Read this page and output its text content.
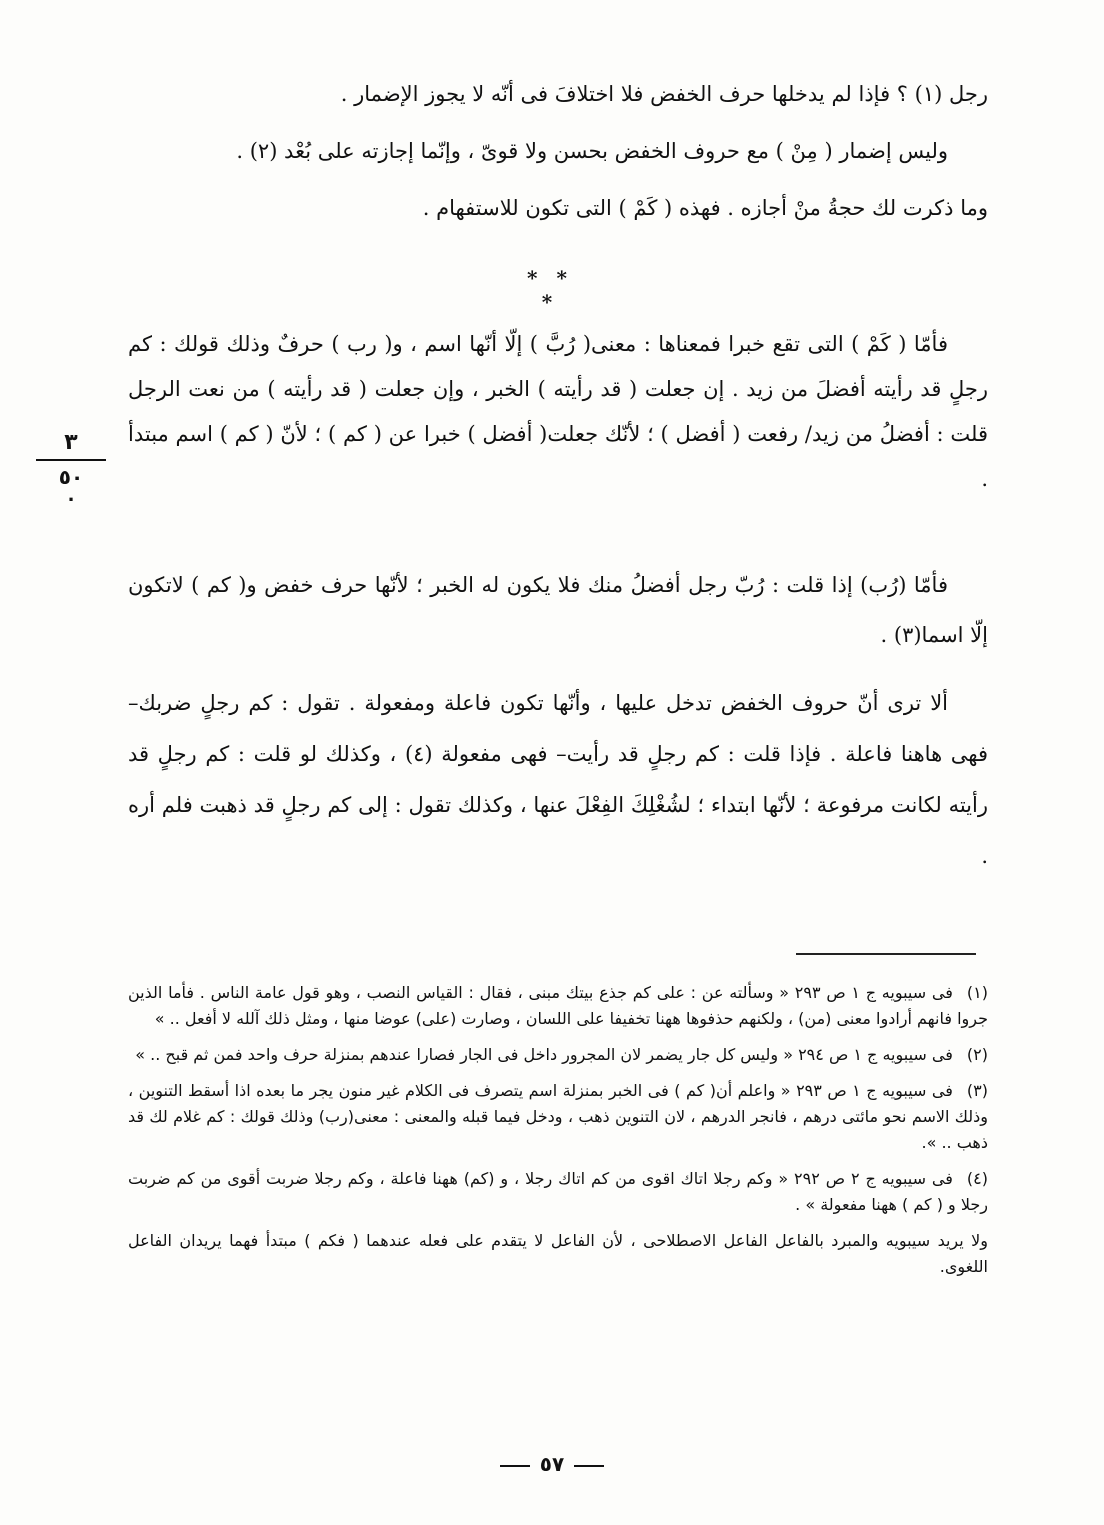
رجل (١) ؟ فإذا لم يدخلها حرف الخفض فلا اختلافَ فى أنّه لا يجوز الإضمار .

وليس إضمار ( مِنْ ) مع حروف الخفض بحسن ولا قوىّ ، وإنّما إجازته على بُعْد (٢) .

وما ذكرت لك حجةُ منْ أجازه . فهذه ( كَمْ ) التى تكون للاستفهام .

* * *

فأمّا ( كَمْ ) التى تقع خبرا فمعناها : معنى( رُبَّ ) إلّا أنّها اسم ، و( رب ) حرفٌ وذلك قولك : كم رجلٍ قد رأيته أفضلَ من زيد . إن جعلت ( قد رأيته ) الخبر ، وإن جعلت ( قد رأيته ) من نعت الرجل قلت : أفضلُ من زيد/ رفعت ( أفضل ) ؛ لأنّك جعلت( أفضل ) خبرا عن ( كم ) ؛ لأنّ ( كم ) اسم مبتدأ .

فأمّا (رُب) إذا قلت : رُبّ رجل أفضلُ منك فلا يكون له الخبر ؛ لأنّها حرف خفض و( كم ) لاتكون إلّا اسما(٣) .

ألا ترى أنّ حروف الخفض تدخل عليها ، وأنّها تكون فاعلة ومفعولة . تقول : كم رجلٍ ضربك– فهى هاهنا فاعلة . فإذا قلت : كم رجلٍ قد رأيت– فهى مفعولة (٤) ، وكذلك لو قلت : كم رجلٍ قد رأيته لكانت مرفوعة ؛ لأنّها ابتداء ؛ لشُغْلِكَ الفِعْلَ عنها ، وكذلك تقول : إلى كم رجلٍ قد ذهبت فلم أره .

٣
٥٠
.

(١)فى سيبويه ج ١ ص ٢٩٣ « وسألته عن : على كم جذع بيتك مبنى ، فقال : القياس النصب ، وهو قول عامة الناس . فأما الذين جروا فانهم أرادوا معنى (من) ، ولكنهم حذفوها ههنا تخفيفا على اللسان ، وصارت (على) عوضا منها ، ومثل ذلك آلله لا أفعل .. »

(٢)فى سيبويه ج ١ ص ٢٩٤ « وليس كل جار يضمر لان المجرور داخل فى الجار فصارا عندهم بمنزلة حرف واحد فمن ثم قبح .. »

(٣)فى سيبويه ج ١ ص ٢٩٣ « واعلم أن( كم ) فى الخبر بمنزلة اسم يتصرف فى الكلام غير منون يجر ما بعده اذا أسقط التنوين ، وذلك الاسم نحو مائتى درهم ، فانجر الدرهم ، لان التنوين ذهب ، ودخل فيما قبله والمعنى : معنى(رب) وذلك قولك : كم غلام لك قد ذهب .. ».

(٤)فى سيبويه ج ٢ ص ٢٩٢ « وكم رجلا اتاك اقوى من كم اتاك رجلا ، و (كم) ههنا فاعلة ، وكم رجلا ضربت أقوى من كم ضربت رجلا و ( كم ) ههنا مفعولة » .

ولا يريد سيبويه والمبرد بالفاعل الفاعل الاصطلاحى ، لأن الفاعل لا يتقدم على فعله عندهما ( فكم ) مبتدأ فهما يريدان الفاعل اللغوى.

٥٧
